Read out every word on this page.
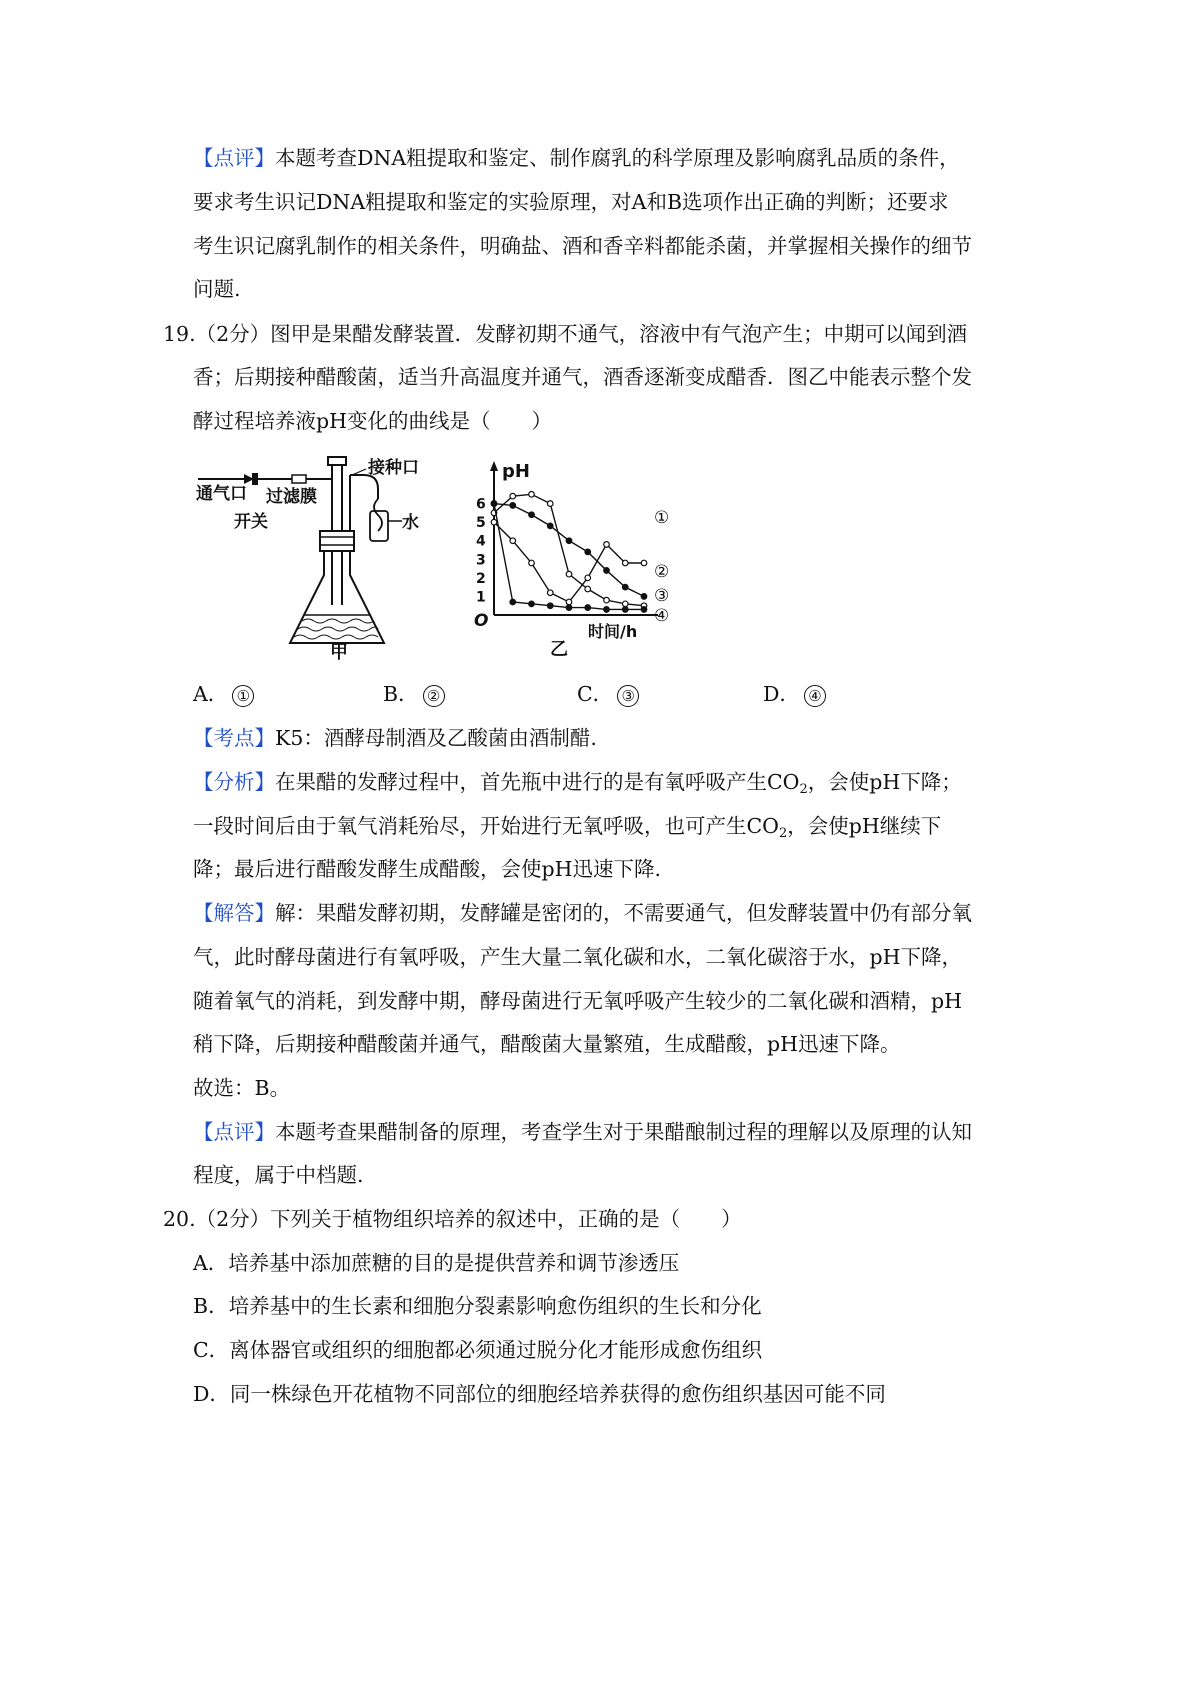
【点评】本题考查DNA粗提取和鉴定、制作腐乳的科学原理及影响腐乳品质的条件，
要求考生识记DNA粗提取和鉴定的实验原理，对A和B选项作出正确的判断；还要求
考生识记腐乳制作的相关条件，明确盐、酒和香辛料都能杀菌，并掌握相关操作的细节
问题.
19.（2分）图甲是果醋发酵装置．发酵初期不通气，溶液中有气泡产生；中期可以闻到酒
香；后期接种醋酸菌，适当升高温度并通气，酒香逐渐变成醋香．图乙中能表示整个发
酵过程培养液pH变化的曲线是（　　）
通气口 过滤膜
开关	水
接种口
甲
1
2
3
4
5
6
①
②
③
④
pH
O
时间/h
乙
A． ①	B． ②	C． ③	D． ④
【考点】K5：酒酵母制酒及乙酸菌由酒制醋.
【分析】在果醋的发酵过程中，首先瓶中进行的是有氧呼吸产生$CO_2$，会使pH下降；
一段时间后由于氧气消耗殆尽，开始进行无氧呼吸，也可产生$CO_2$，会使pH继续下
降；最后进行醋酸发酵生成醋酸，会使pH迅速下降.
【解答】解：果醋发酵初期，发酵罐是密闭的，不需要通气，但发酵装置中仍有部分氧
气，此时酵母菌进行有氧呼吸，产生大量二氧化碳和水，二氧化碳溶于水，pH下降，
随着氧气的消耗，到发酵中期，酵母菌进行无氧呼吸产生较少的二氧化碳和酒精，pH
稍下降，后期接种醋酸菌并通气，醋酸菌大量繁殖，生成醋酸，pH迅速下降。
故选：B。
【点评】本题考查果醋制备的原理，考查学生对于果醋酿制过程的理解以及原理的认知
程度，属于中档题.
20.（2分）下列关于植物组织培养的叙述中，正确的是（　　）
A．培养基中添加蔗糖的目的是提供营养和调节渗透压
B．培养基中的生长素和细胞分裂素影响愈伤组织的生长和分化
C．离体器官或组织的细胞都必须通过脱分化才能形成愈伤组织
D．同一株绿色开花植物不同部位的细胞经培养获得的愈伤组织基因可能不同
